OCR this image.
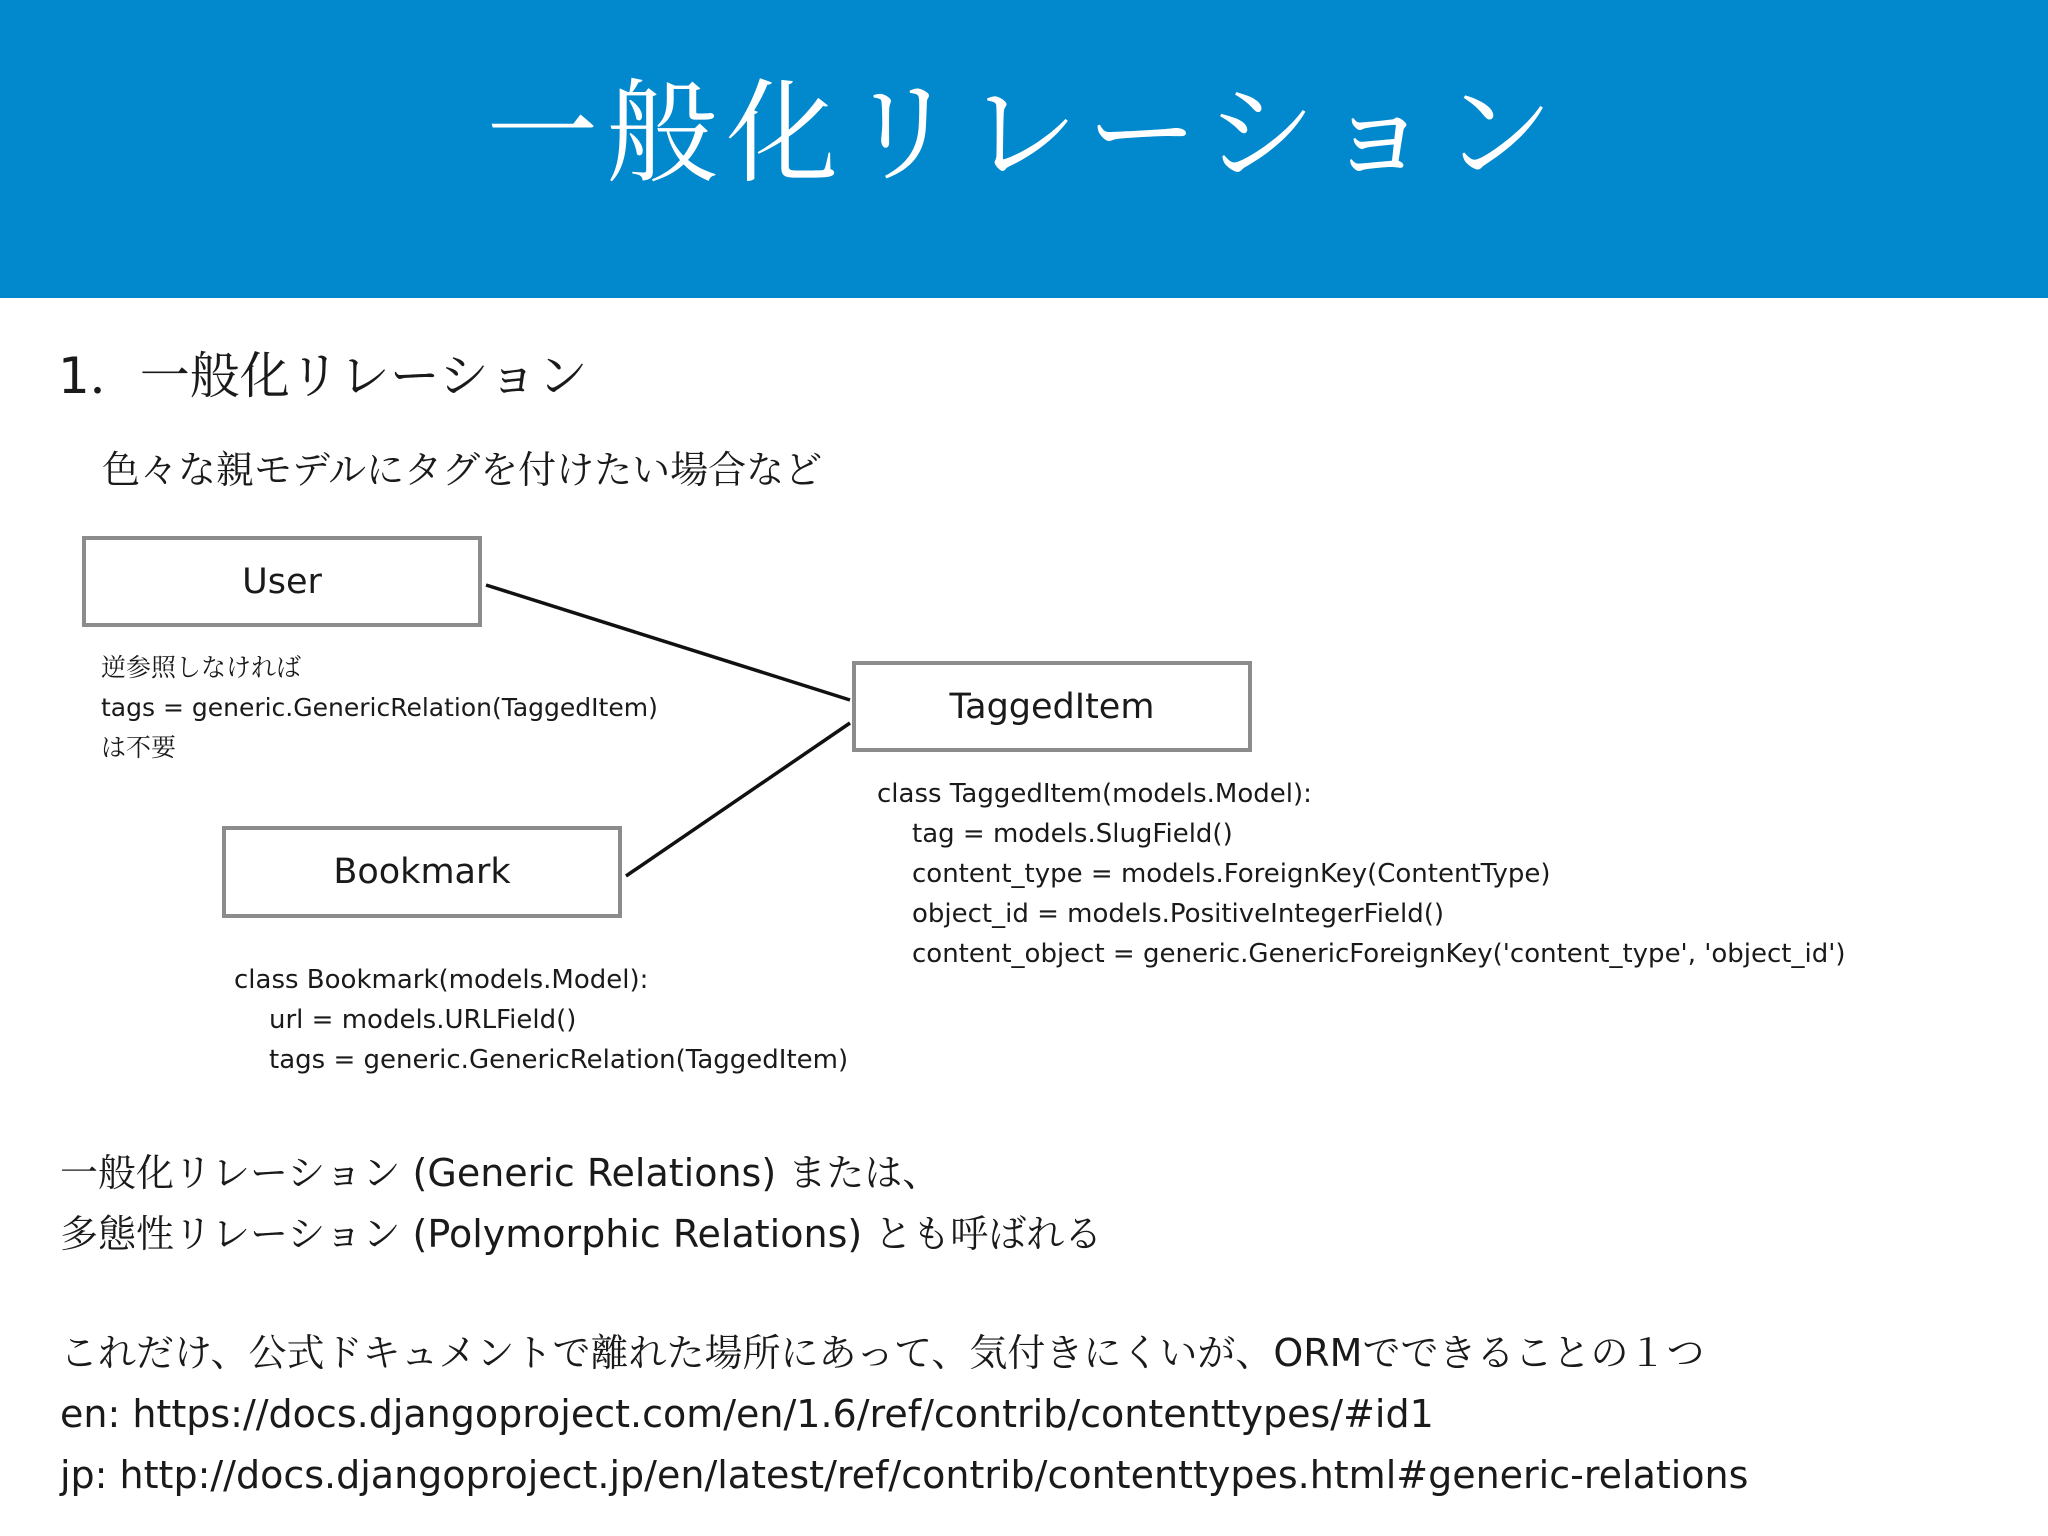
一般化リレーション
1．一般化リレーション
色々な親モデルにタグを付けたい場合など
User
TaggedItem
Bookmark
逆参照しなければ
tags = generic.GenericRelation(TaggedItem)
は不要
class TaggedItem(models.Model):
tag = models.SlugField()
content_type = models.ForeignKey(ContentType)
object_id = models.PositiveIntegerField()
content_object = generic.GenericForeignKey('content_type', 'object_id')
class Bookmark(models.Model):
url = models.URLField()
tags = generic.GenericRelation(TaggedItem)
一般化リレーション (Generic Relations) または、
多態性リレーション (Polymorphic Relations) とも呼ばれる
これだけ、公式ドキュメントで離れた場所にあって、気付きにくいが、ORMでできることの１つ
en: https://docs.djangoproject.com/en/1.6/ref/contrib/contenttypes/#id1
jp: http://docs.djangoproject.jp/en/latest/ref/contrib/contenttypes.html#generic-relations
